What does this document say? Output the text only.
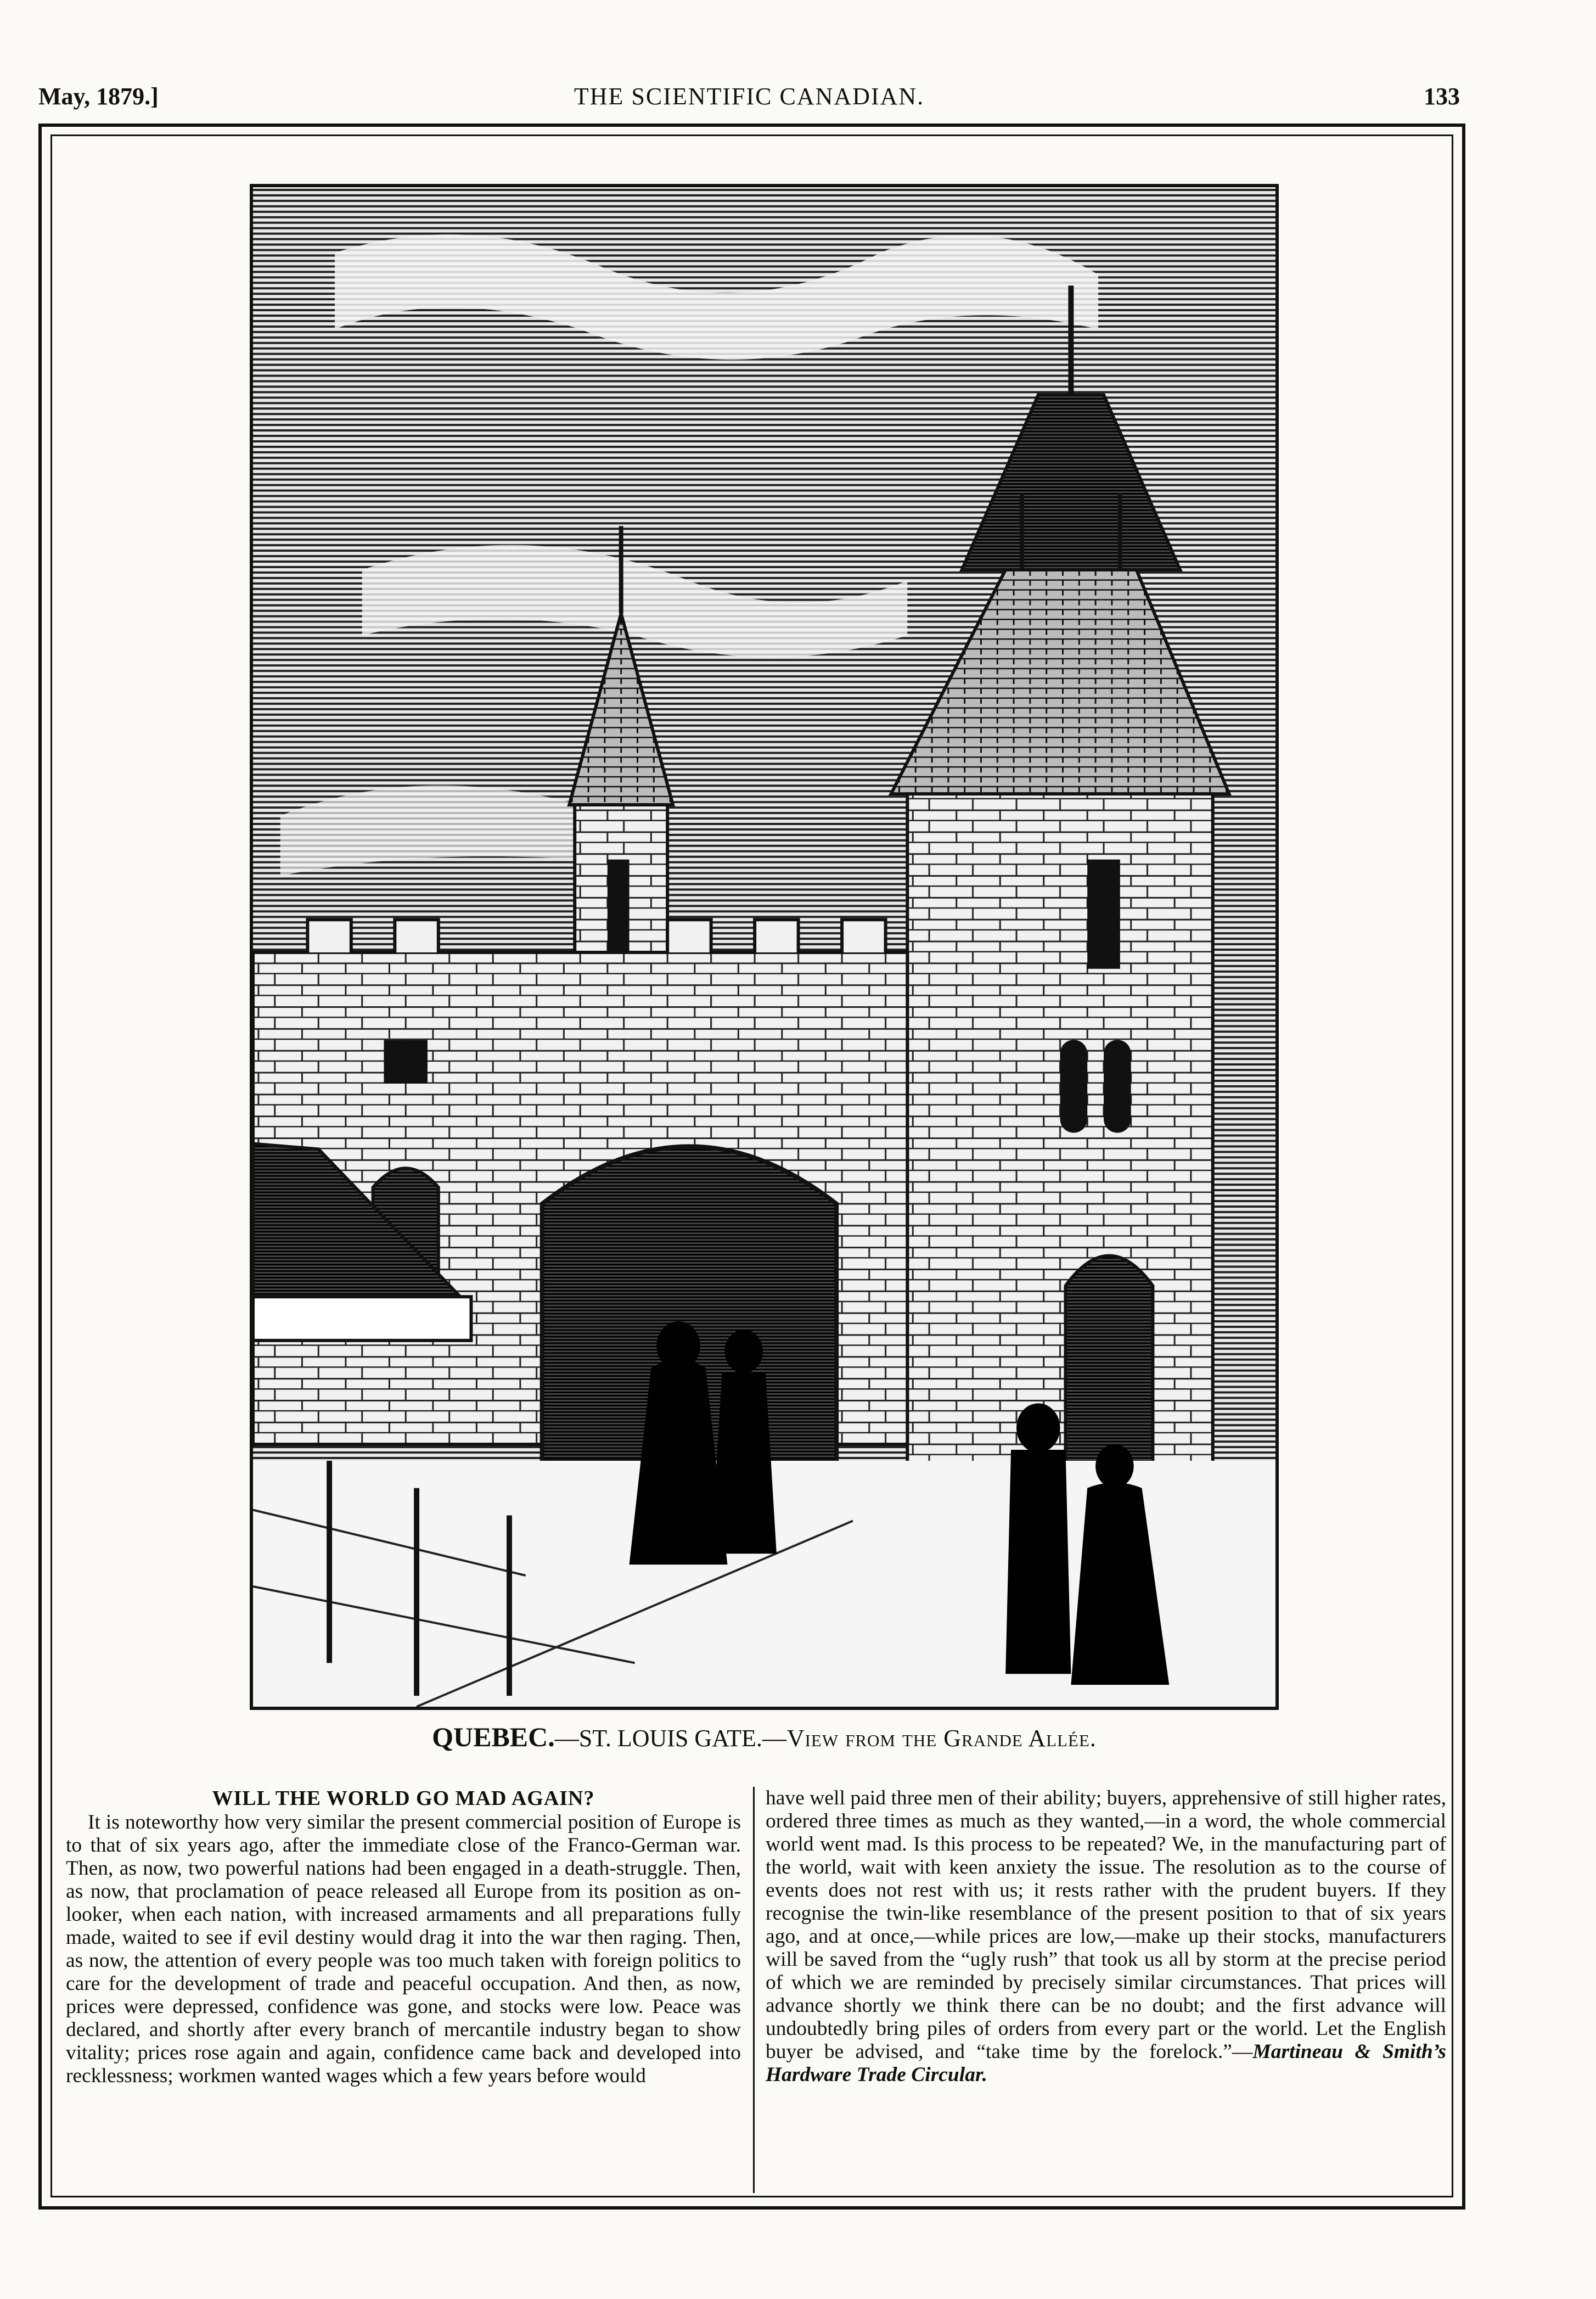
May, 1879.]	THE SCIENTIFIC CANADIAN.	133
QUEBEC.—ST. LOUIS GATE.—View from the Grande Allée.

WILL THE WORLD GO MAD AGAIN?

It is noteworthy how very similar the present commercial position of Europe is to that of six years ago, after the immediate close of the Franco-German war. Then, as now, two powerful nations had been engaged in a death-struggle. Then, as now, that proclamation of peace released all Europe from its position as on-looker, when each nation, with increased armaments and all preparations fully made, waited to see if evil destiny would drag it into the war then raging. Then, as now, the attention of every people was too much taken with foreign politics to care for the development of trade and peaceful occupation. And then, as now, prices were depressed, confidence was gone, and stocks were low. Peace was declared, and shortly after every branch of mercantile industry began to show vitality; prices rose again and again, confidence came back and developed into recklessness; workmen wanted wages which a few years before would

have well paid three men of their ability; buyers, apprehensive of still higher rates, ordered three times as much as they wanted,—in a word, the whole commercial world went mad. Is this process to be repeated? We, in the manufacturing part of the world, wait with keen anxiety the issue. The resolution as to the course of events does not rest with us; it rests rather with the prudent buyers. If they recognise the twin-like resemblance of the present position to that of six years ago, and at once,—while prices are low,—make up their stocks, manufacturers will be saved from the “ugly rush” that took us all by storm at the precise period of which we are reminded by precisely similar circumstances. That prices will advance shortly we think there can be no doubt; and the first advance will undoubtedly bring piles of orders from every part or the world. Let the English buyer be advised, and “take time by the forelock.”—Martineau & Smith’s Hardware Trade Circular.
